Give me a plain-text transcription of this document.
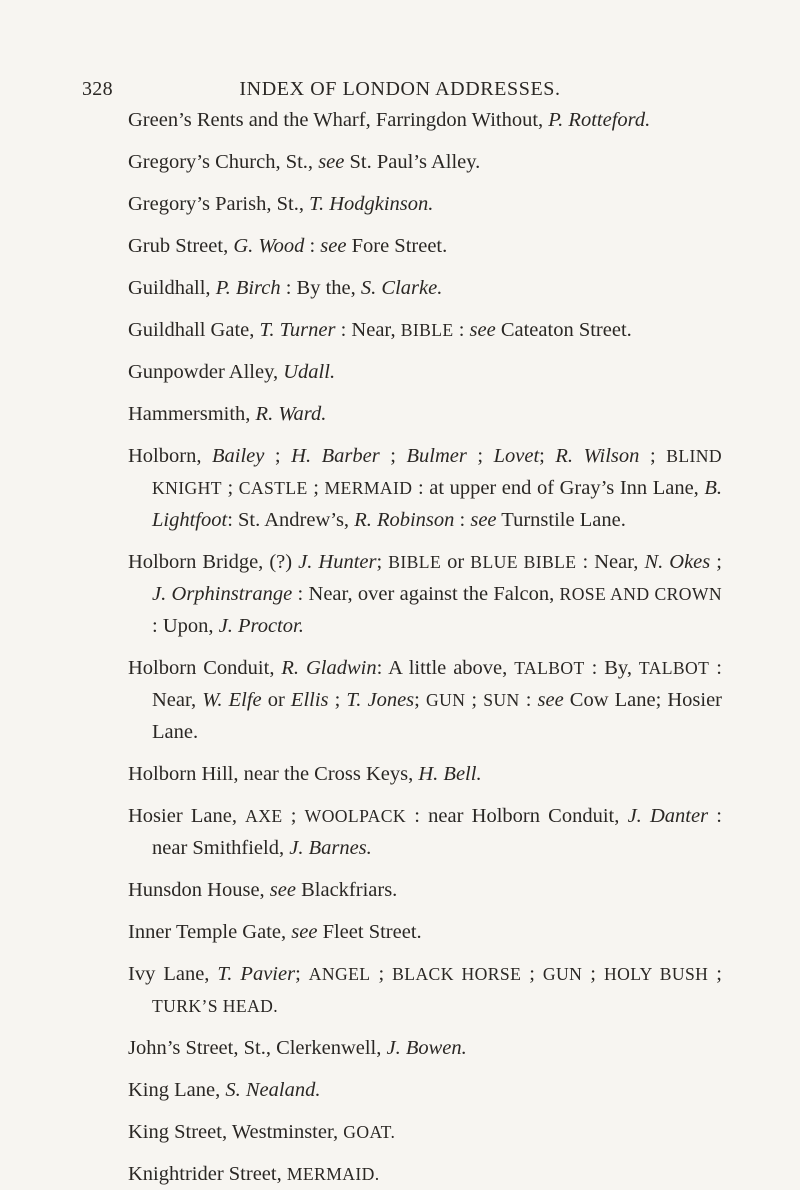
328	INDEX OF LONDON ADDRESSES.

Green’s Rents and the Wharf, Farringdon Without, P. Rotteford.

Gregory’s Church, St., see St. Paul’s Alley.

Gregory’s Parish, St., T. Hodgkinson.

Grub Street, G. Wood : see Fore Street.

Guildhall, P. Birch : By the, S. Clarke.

Guildhall Gate, T. Turner : Near, BIBLE : see Cateaton Street.

Gunpowder Alley, Udall.

Hammersmith, R. Ward.

Holborn, Bailey ; H. Barber ; Bulmer ; Lovet; R. Wilson ; BLIND KNIGHT ; CASTLE ; MERMAID : at upper end of Gray’s Inn Lane, B. Lightfoot: St. Andrew’s, R. Robinson : see Turnstile Lane.

Holborn Bridge, (?) J. Hunter; BIBLE or BLUE BIBLE : Near, N. Okes ; J. Orphinstrange : Near, over against the Falcon, ROSE AND CROWN : Upon, J. Proctor.

Holborn Conduit, R. Gladwin: A little above, TALBOT : By, TALBOT : Near, W. Elfe or Ellis ; T. Jones; GUN ; SUN : see Cow Lane; Hosier Lane.

Holborn Hill, near the Cross Keys, H. Bell.

Hosier Lane, AXE ; WOOLPACK : near Holborn Conduit, J. Danter : near Smithfield, J. Barnes.

Hunsdon House, see Blackfriars.

Inner Temple Gate, see Fleet Street.

Ivy Lane, T. Pavier; ANGEL ; BLACK HORSE ; GUN ; HOLY BUSH ; TURK’S HEAD.

John’s Street, St., Clerkenwell, J. Bowen.

King Lane, S. Nealand.

King Street, Westminster, GOAT.

Knightrider Street, MERMAID.
